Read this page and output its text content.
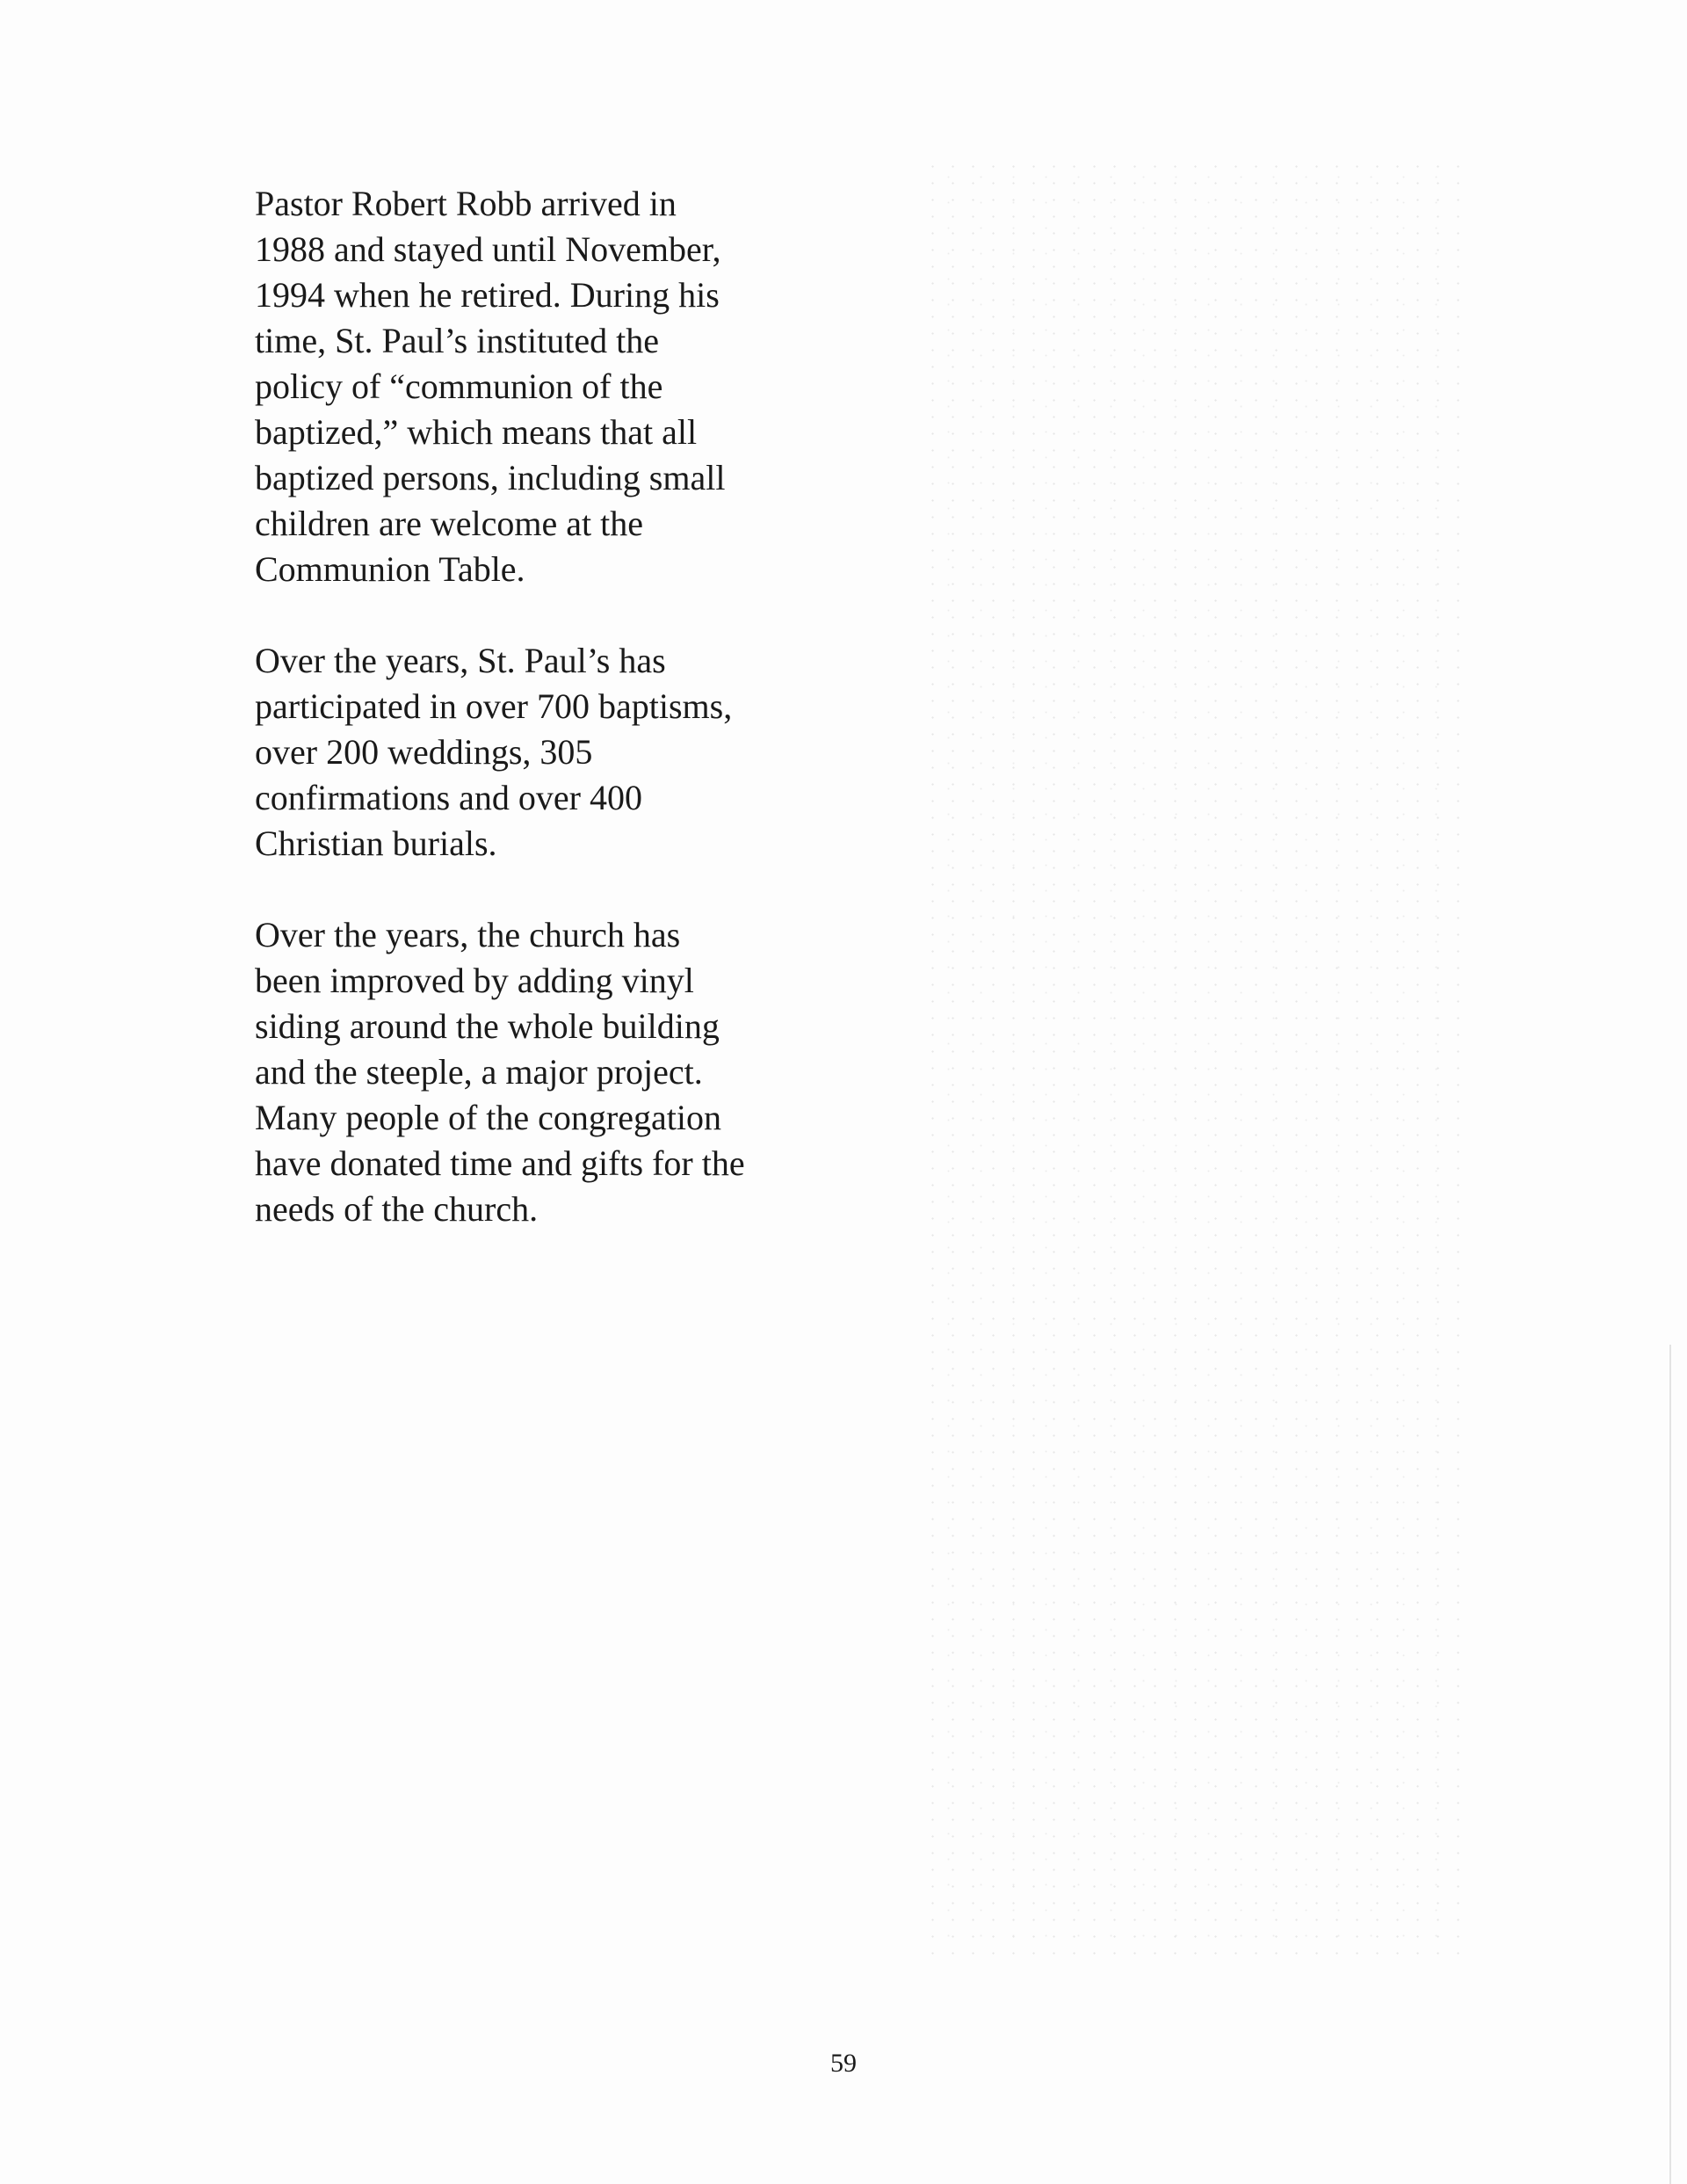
Pastor Robert Robb arrived in
1988 and stayed until November,
1994 when he retired. During his
time, St. Paul’s instituted the
policy of “communion of the
baptized,” which means that all
baptized persons, including small
children are welcome at the
Communion Table.

Over the years, St. Paul’s has
participated in over 700 baptisms,
over 200 weddings, 305
confirmations and over 400
Christian burials.

Over the years, the church has
been improved by adding vinyl
siding around the whole building
and the steeple, a major project.
Many people of the congregation
have donated time and gifts for the
needs of the church.

59
